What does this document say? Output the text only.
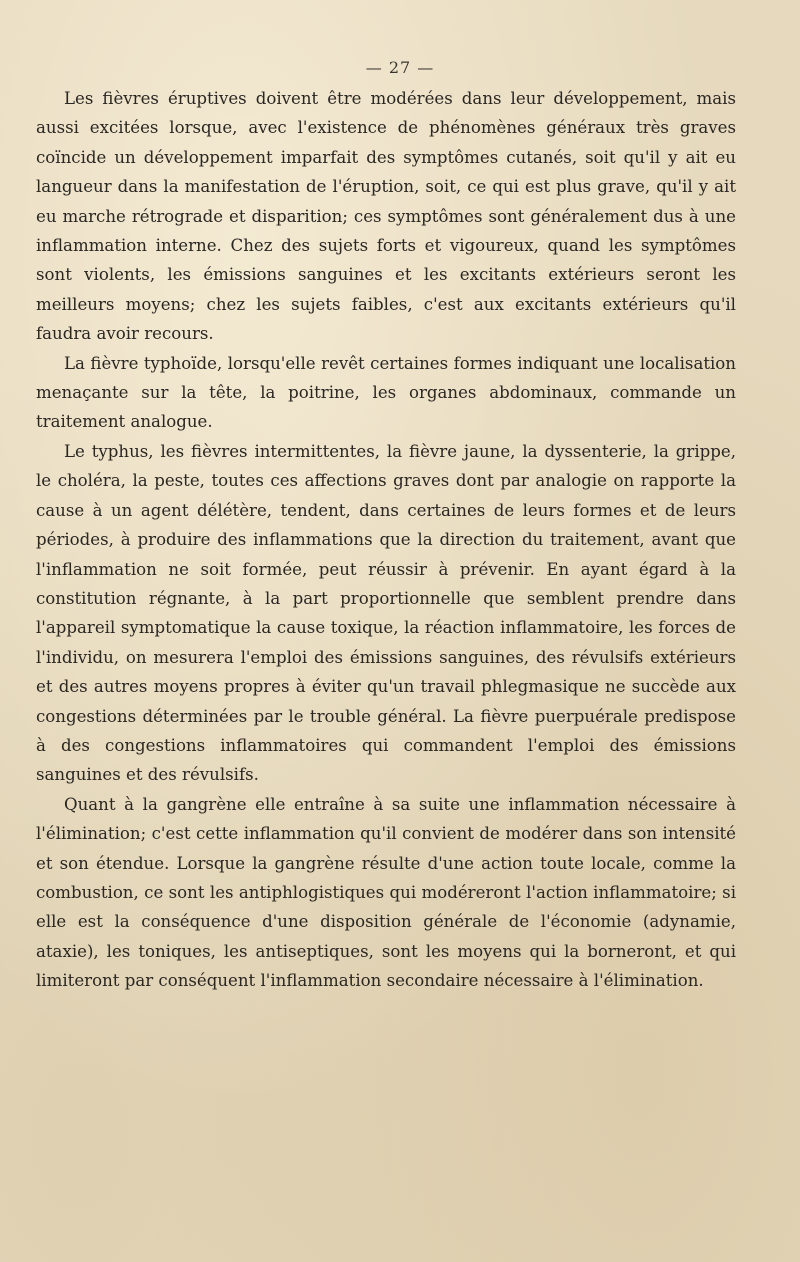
— 27 —

Les fièvres éruptives doivent être modérées dans leur développement, mais aussi excitées lorsque, avec l'existence de phénomènes généraux très graves coïncide un développement imparfait des symptômes cutanés, soit qu'il y ait eu langueur dans la manifestation de l'éruption, soit, ce qui est plus grave, qu'il y ait eu marche rétrograde et disparition; ces symptômes sont généralement dus à une inflammation interne. Chez des sujets forts et vigoureux, quand les symptômes sont violents, les émissions sanguines et les excitants extérieurs seront les meilleurs moyens; chez les sujets faibles, c'est aux excitants extérieurs qu'il faudra avoir recours.

La fièvre typhoïde, lorsqu'elle revêt certaines formes indiquant une localisation menaçante sur la tête, la poitrine, les organes abdominaux, commande un traitement analogue.

Le typhus, les fièvres intermittentes, la fièvre jaune, la dyssenterie, la grippe, le choléra, la peste, toutes ces affections graves dont par analogie on rapporte la cause à un agent délétère, tendent, dans certaines de leurs formes et de leurs périodes, à produire des inflammations que la direction du traitement, avant que l'inflammation ne soit formée, peut réussir à prévenir. En ayant égard à la constitution régnante, à la part proportionnelle que semblent prendre dans l'appareil symptomatique la cause toxique, la réaction inflammatoire, les forces de l'individu, on mesurera l'emploi des émissions sanguines, des révulsifs extérieurs et des autres moyens propres à éviter qu'un travail phlegmasique ne succède aux congestions déterminées par le trouble général. La fièvre puerpuérale predispose à des congestions inflammatoires qui commandent l'emploi des émissions sanguines et des révulsifs.

Quant à la gangrène elle entraîne à sa suite une inflammation nécessaire à l'élimination; c'est cette inflammation qu'il convient de modérer dans son intensité et son étendue. Lorsque la gangrène résulte d'une action toute locale, comme la combustion, ce sont les antiphlogistiques qui modéreront l'action inflammatoire; si elle est la conséquence d'une disposition générale de l'économie (adynamie, ataxie), les toniques, les antiseptiques, sont les moyens qui la borneront, et qui limiteront par conséquent l'inflammation secondaire nécessaire à l'élimination.
